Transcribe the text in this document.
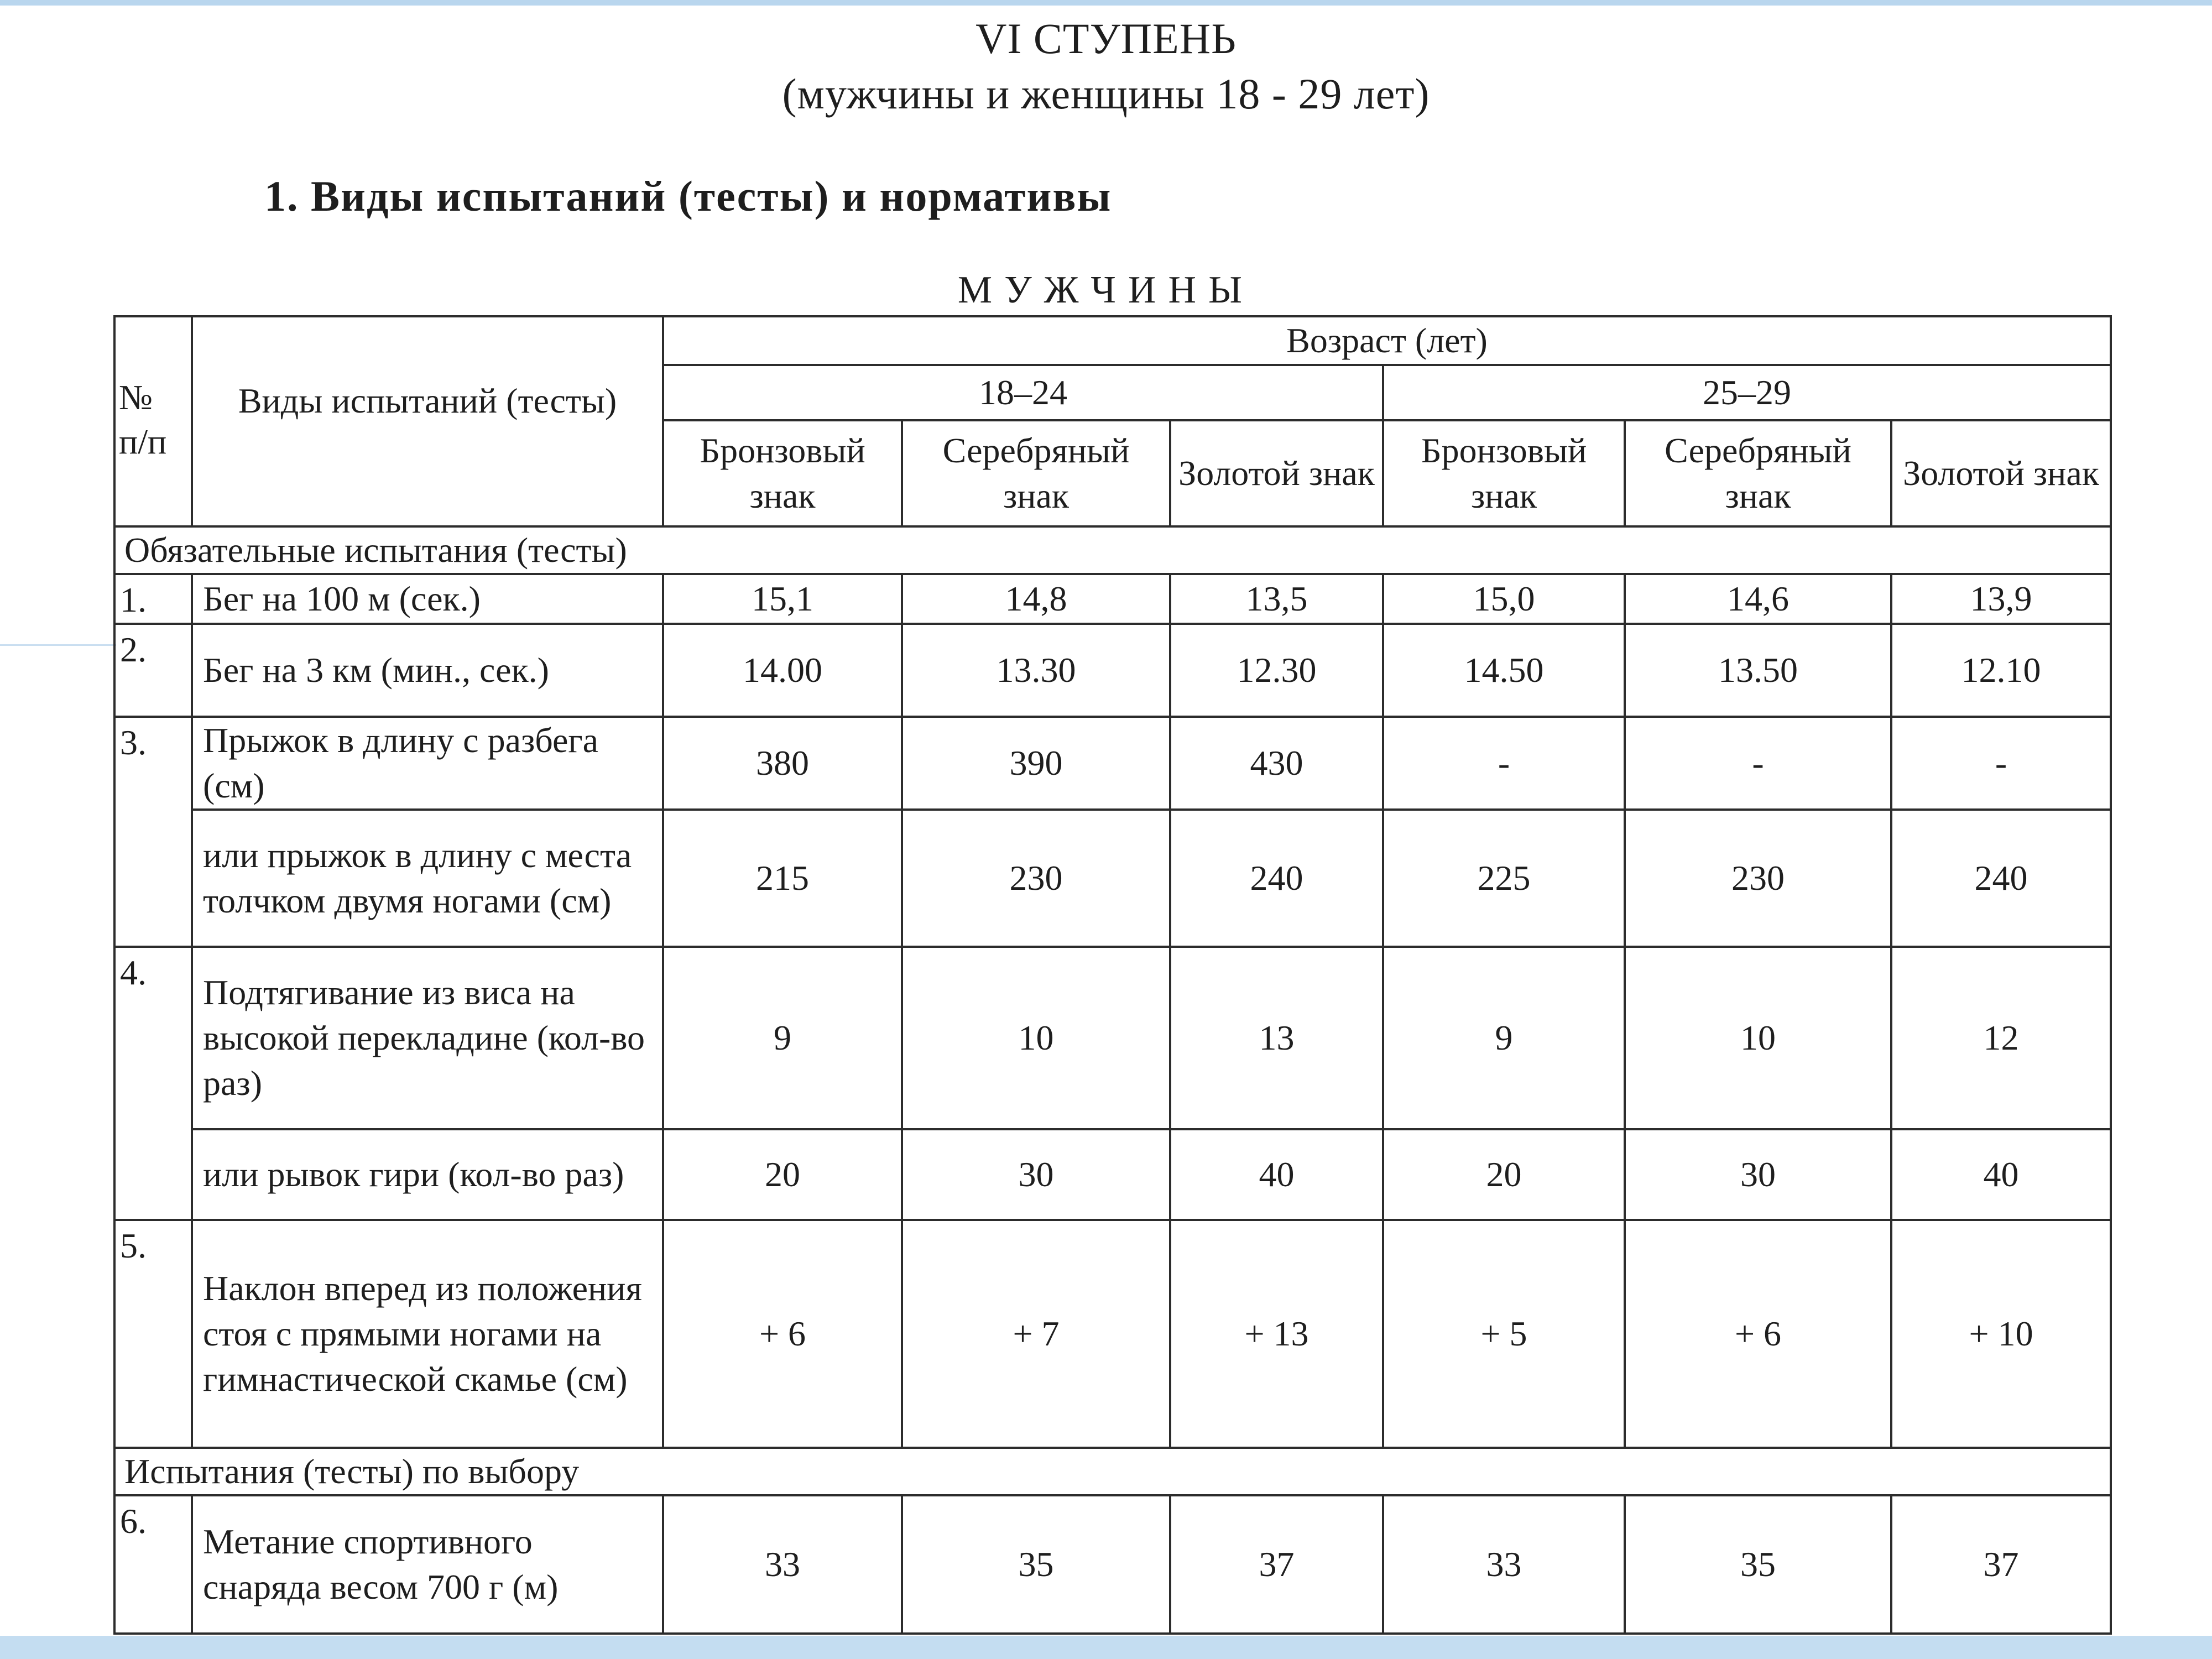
VI СТУПЕНЬ
(мужчины и женщины 18 - 29 лет)
1. Виды испытаний (тесты) и нормативы
МУЖЧИНЫ
№ п/п	Виды испытаний (тесты)	Возраст (лет)					
		18–24			25–29		
		Бронзовый знак	Серебряный знак	Золотой знак	Бронзовый знак	Серебряный знак	Золотой знак
Обязательные испытания (тесты)							
1.	Бег на 100 м (сек.)	15,1	14,8	13,5	15,0	14,6	13,9
2.	Бег на 3 км (мин., сек.)	14.00	13.30	12.30	14.50	13.50	12.10
3.	Прыжок в длину с разбега (см)	380	390	430	-	-	-
	или прыжок в длину с места толчком двумя ногами (см)	215	230	240	225	230	240
4.	Подтягивание из виса на высокой перекладине (кол-во раз)	9	10	13	9	10	12
	или рывок гири (кол-во раз)	20	30	40	20	30	40
5.	Наклон вперед из положения стоя с прямыми ногами на гимнастической скамье (см)	+ 6	+ 7	+ 13	+ 5	+ 6	+ 10
Испытания (тесты) по выбору							
6.	Метание спортивного снаряда весом 700 г (м)	33	35	37	33	35	37
